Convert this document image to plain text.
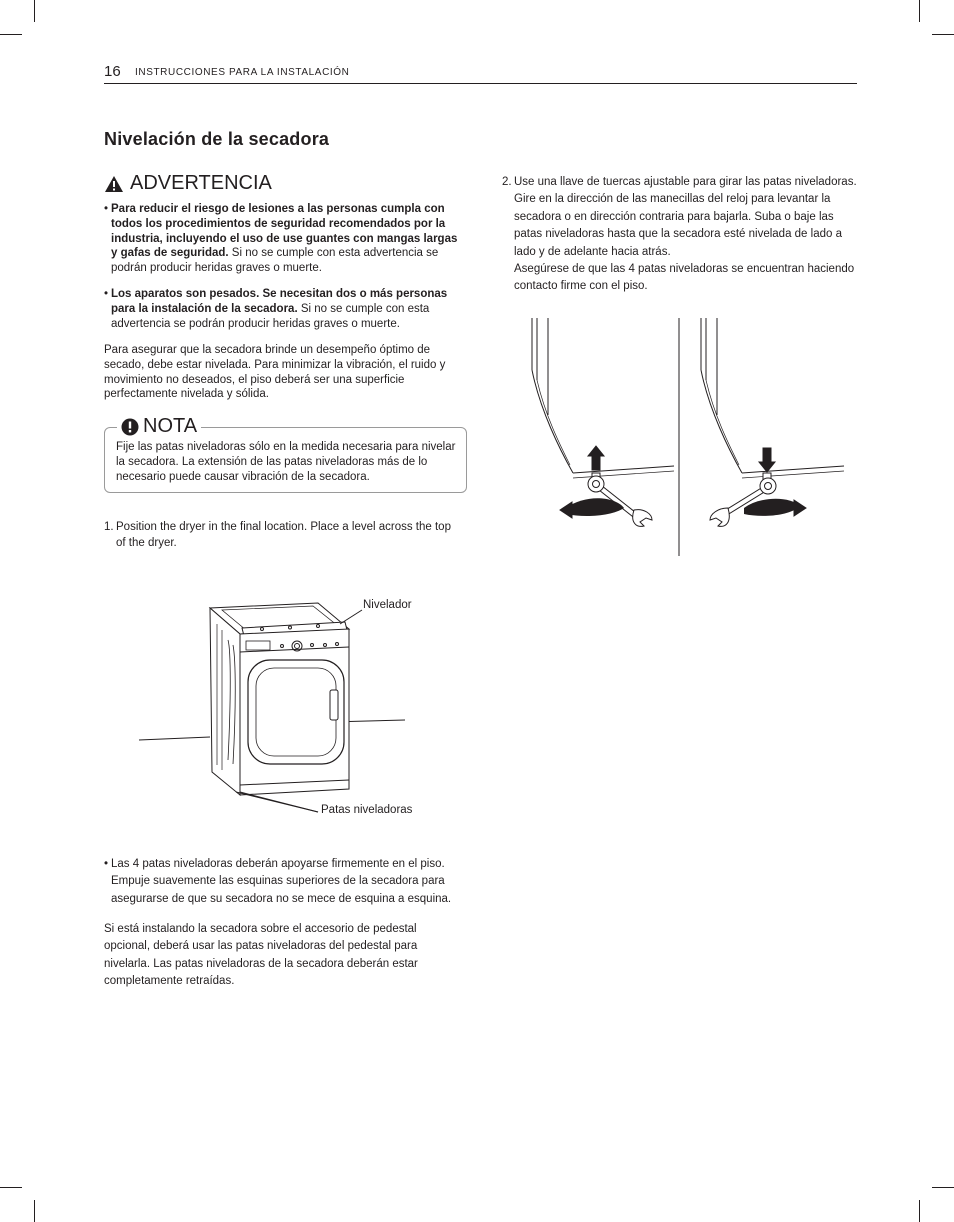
16 INSTRUCCIONES PARA LA INSTALACIÓN
Nivelación de la secadora
ADVERTENCIA
• Para reducir el riesgo de lesiones a las personas cumpla con todos los procedimientos de seguridad recomendados por la industria, incluyendo el uso de use guantes con mangas largas y gafas de seguridad. Si no se cumple con esta advertencia se podrán producir heridas graves o muerte.
• Los aparatos son pesados. Se necesitan dos o más personas para la instalación de la secadora. Si no se cumple con esta advertencia se podrán producir heridas graves o muerte.
Para asegurar que la secadora brinde un desempeño óptimo de secado, debe estar nivelada. Para minimizar la vibración, el ruido y movimiento no deseados, el piso deberá ser una superficie perfectamente nivelada y sólida.
NOTA
Fije las patas niveladoras sólo en la medida necesaria para nivelar la secadora. La extensión de las patas niveladoras más de lo necesario puede causar vibración de la secadora.
1. Position the dryer in the final location. Place a level across the top of the dryer.
Nivelador
Patas niveladoras
• Las 4 patas niveladoras deberán apoyarse firmemente en el piso. Empuje suavemente las esquinas superiores de la secadora para asegurarse de que su secadora no se mece de esquina a esquina.
Si está instalando la secadora sobre el accesorio de pedestal opcional, deberá usar las patas niveladoras del pedestal para nivelarla. Las patas niveladoras de la secadora deberán estar completamente retraídas.
2. Use una llave de tuercas ajustable para girar las patas niveladoras. Gire en la dirección de las manecillas del reloj para levantar la secadora o en dirección contraria para bajarla. Suba o baje las patas niveladoras hasta que la secadora esté nivelada de lado a lado y de adelante hacia atrás.
Asegúrese de que las 4 patas niveladoras se encuentran haciendo contacto firme con el piso.
